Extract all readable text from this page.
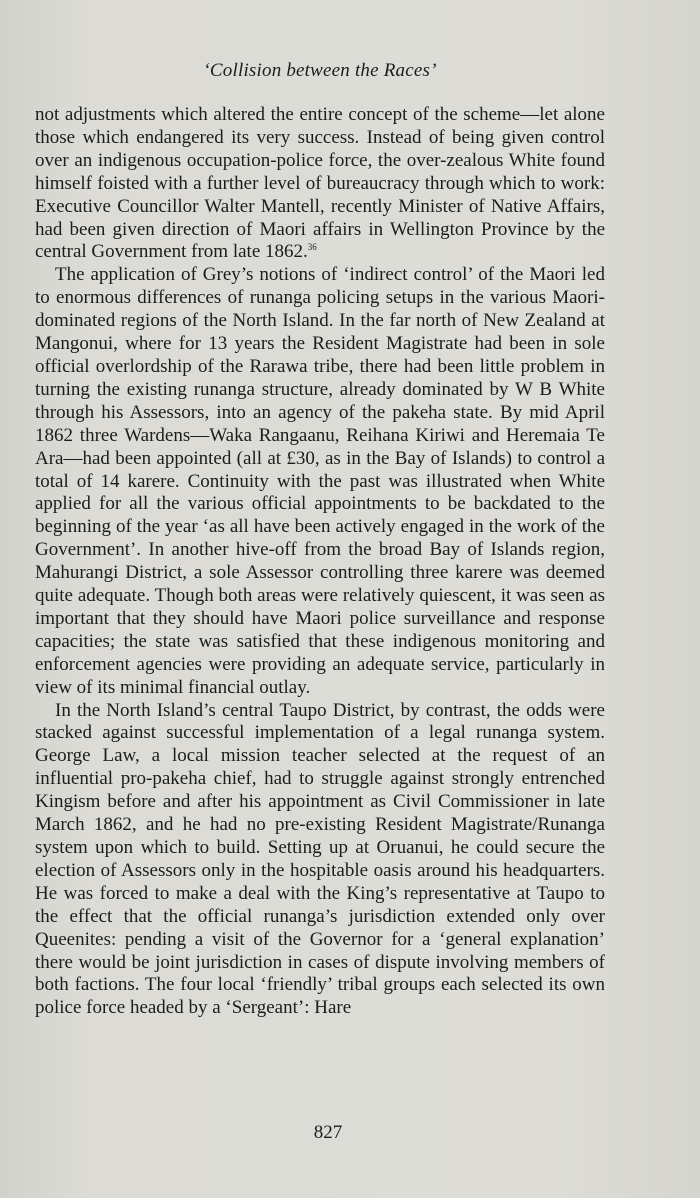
‘Collision between the Races’

not adjustments which altered the entire concept of the scheme—let alone those which endangered its very success. Instead of being given control over an indigenous occupation-police force, the over-zealous White found himself foisted with a further level of bureaucracy through which to work: Executive Councillor Walter Mantell, recently Minister of Native Affairs, had been given direction of Maori affairs in Wellington Province by the central Government from late 1862.36

The application of Grey’s notions of ‘indirect control’ of the Maori led to enormous differences of runanga policing setups in the various Maori-dominated regions of the North Island. In the far north of New Zealand at Mangonui, where for 13 years the Resident Magistrate had been in sole official overlordship of the Rarawa tribe, there had been little problem in turning the existing runanga structure, already dominated by W B White through his Assessors, into an agency of the pakeha state. By mid April 1862 three Wardens—Waka Rangaanu, Reihana Kiriwi and Heremaia Te Ara—had been appointed (all at £30, as in the Bay of Islands) to control a total of 14 karere. Continuity with the past was illustrated when White applied for all the various official appointments to be backdated to the beginning of the year ‘as all have been actively engaged in the work of the Government’. In another hive-off from the broad Bay of Islands region, Mahurangi District, a sole Assessor controlling three karere was deemed quite adequate. Though both areas were relatively quiescent, it was seen as important that they should have Maori police surveillance and response capacities; the state was satisfied that these indigenous monitoring and enforcement agencies were providing an adequate service, particularly in view of its minimal financial outlay.

In the North Island’s central Taupo District, by contrast, the odds were stacked against successful implementation of a legal runanga system. George Law, a local mission teacher selected at the request of an influential pro-pakeha chief, had to struggle against strongly entrenched Kingism before and after his appointment as Civil Commissioner in late March 1862, and he had no pre-existing Resident Magistrate/Runanga system upon which to build. Setting up at Oruanui, he could secure the election of Assessors only in the hospitable oasis around his headquarters. He was forced to make a deal with the King’s representative at Taupo to the effect that the official runanga’s jurisdiction extended only over Queenites: pending a visit of the Governor for a ‘general explanation’ there would be joint jurisdiction in cases of dispute involving members of both factions. The four local ‘friendly’ tribal groups each selected its own police force headed by a ‘Sergeant’: Hare

827
